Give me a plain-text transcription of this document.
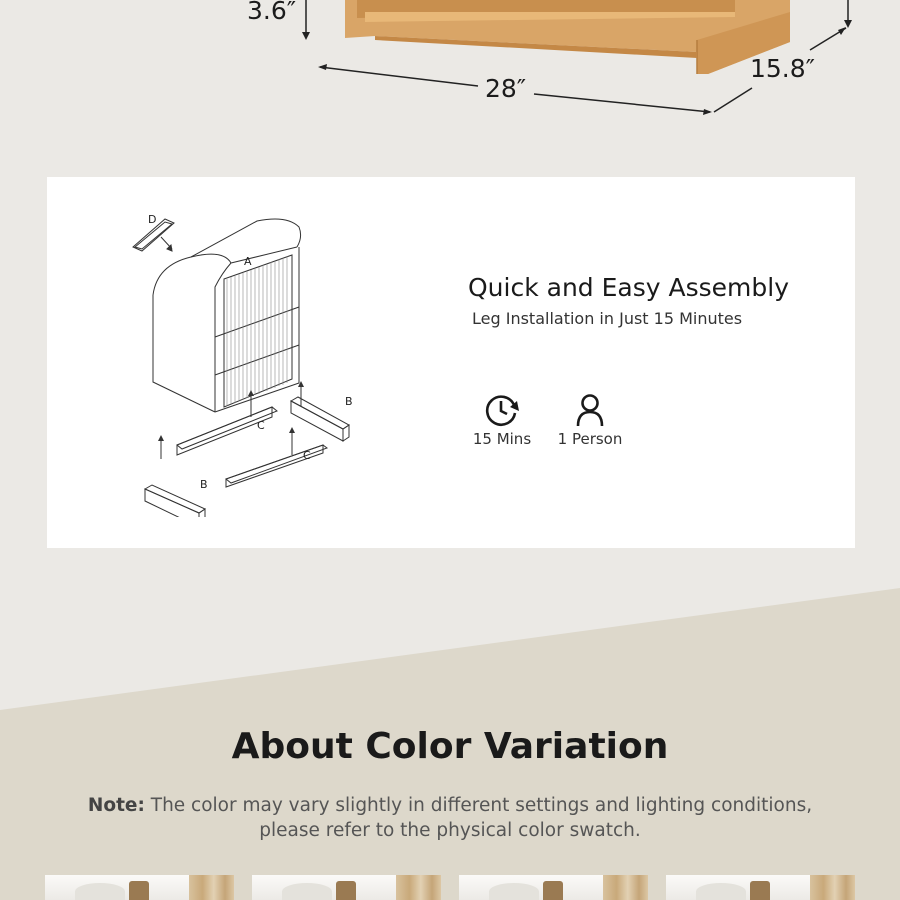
3.6″
28″
15.8″
D
A
C
C
B
B
Quick and Easy Assembly
Leg Installation in Just 15 Minutes
15 Mins 1 Person
About Color Variation
Note: The color may vary slightly in different settings and lighting conditions,
please refer to the physical color swatch.
